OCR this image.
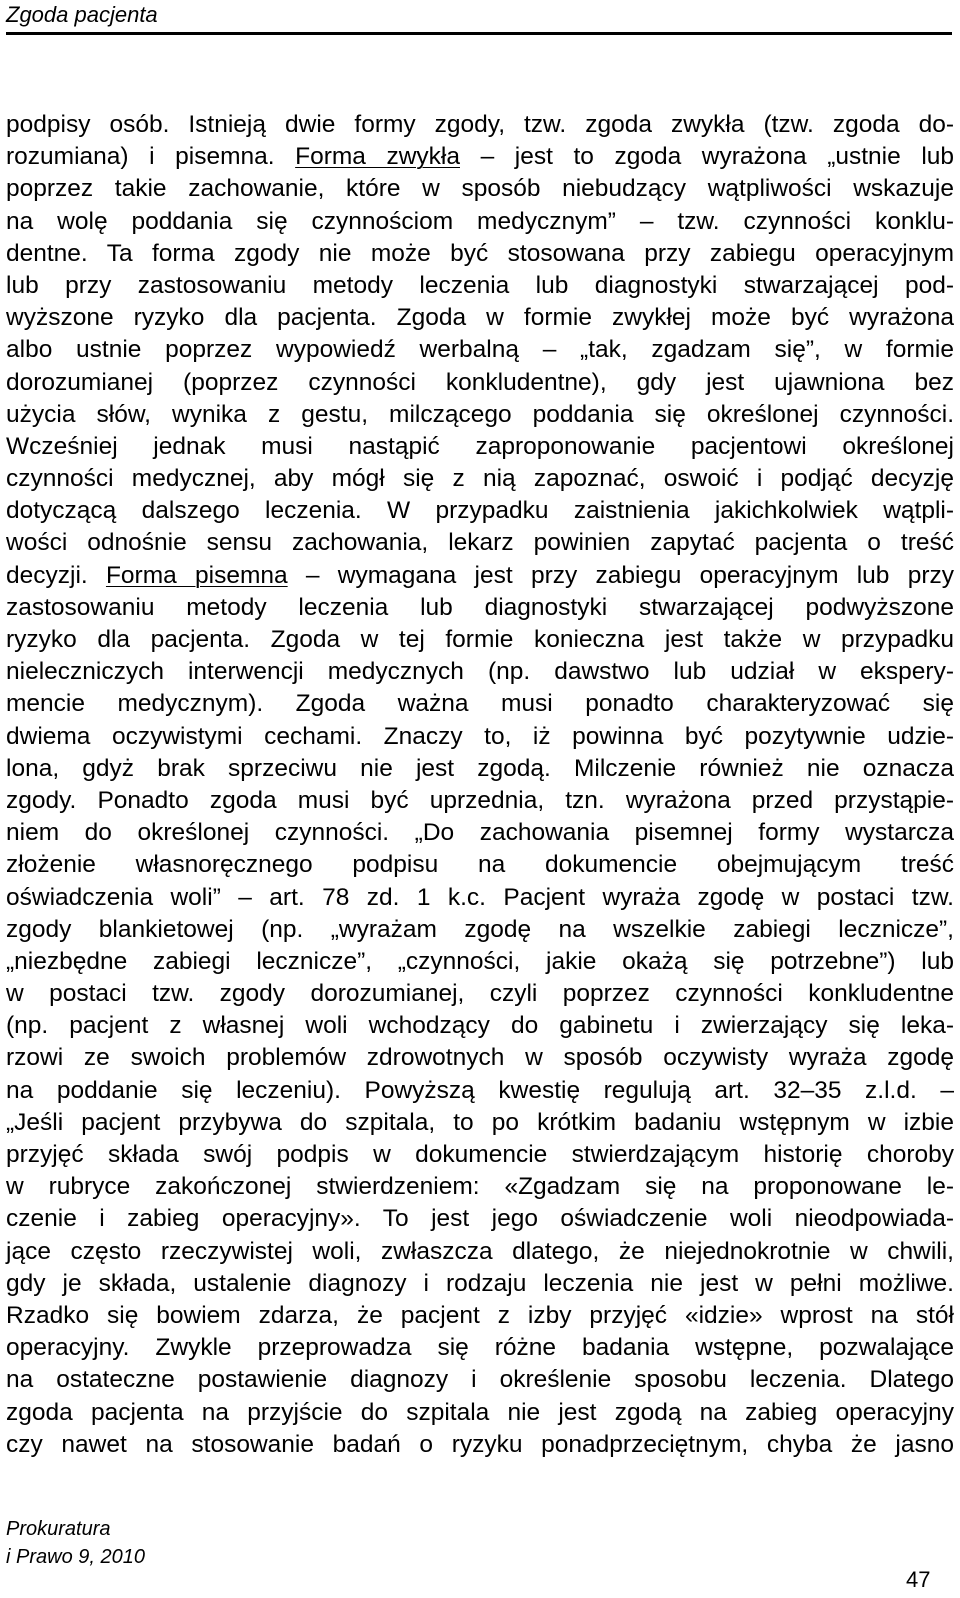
Zgoda pacjenta
podpisy osób. Istnieją dwie formy zgody, tzw. zgoda zwykła (tzw. zgoda do-
rozumiana) i pisemna. Forma zwykła – jest to zgoda wyrażona „ustnie lub
poprzez takie zachowanie, które w sposób niebudzący wątpliwości wskazuje
na wolę poddania się czynnościom medycznym” – tzw. czynności konklu-
dentne. Ta forma zgody nie może być stosowana przy zabiegu operacyjnym
lub przy zastosowaniu metody leczenia lub diagnostyki stwarzającej pod-
wyższone ryzyko dla pacjenta. Zgoda w formie zwykłej może być wyrażona
albo ustnie poprzez wypowiedź werbalną – „tak, zgadzam się”, w formie
dorozumianej (poprzez czynności konkludentne), gdy jest ujawniona bez
użycia słów, wynika z gestu, milczącego poddania się określonej czynności.
Wcześniej jednak musi nastąpić zaproponowanie pacjentowi określonej
czynności medycznej, aby mógł się z nią zapoznać, oswoić i podjąć decyzję
dotyczącą dalszego leczenia. W przypadku zaistnienia jakichkolwiek wątpli-
wości odnośnie sensu zachowania, lekarz powinien zapytać pacjenta o treść
decyzji. Forma pisemna – wymagana jest przy zabiegu operacyjnym lub przy
zastosowaniu metody leczenia lub diagnostyki stwarzającej podwyższone
ryzyko dla pacjenta. Zgoda w tej formie konieczna jest także w przypadku
nieleczniczych interwencji medycznych (np. dawstwo lub udział w ekspery-
mencie medycznym). Zgoda ważna musi ponadto charakteryzować się
dwiema oczywistymi cechami. Znaczy to, iż powinna być pozytywnie udzie-
lona, gdyż brak sprzeciwu nie jest zgodą. Milczenie również nie oznacza
zgody. Ponadto zgoda musi być uprzednia, tzn. wyrażona przed przystąpie-
niem do określonej czynności. „Do zachowania pisemnej formy wystarcza
złożenie własnoręcznego podpisu na dokumencie obejmującym treść
oświadczenia woli” – art. 78 zd. 1 k.c. Pacjent wyraża zgodę w postaci tzw.
zgody blankietowej (np. „wyrażam zgodę na wszelkie zabiegi lecznicze”,
„niezbędne zabiegi lecznicze”, „czynności, jakie okażą się potrzebne”) lub
w postaci tzw. zgody dorozumianej, czyli poprzez czynności konkludentne
(np. pacjent z własnej woli wchodzący do gabinetu i zwierzający się leka-
rzowi ze swoich problemów zdrowotnych w sposób oczywisty wyraża zgodę
na poddanie się leczeniu). Powyższą kwestię regulują art. 32–35 z.l.d. –
„Jeśli pacjent przybywa do szpitala, to po krótkim badaniu wstępnym w izbie
przyjęć składa swój podpis w dokumencie stwierdzającym historię choroby
w rubryce zakończonej stwierdzeniem: «Zgadzam się na proponowane le-
czenie i zabieg operacyjny». To jest jego oświadczenie woli nieodpowiada-
jące często rzeczywistej woli, zwłaszcza dlatego, że niejednokrotnie w chwili,
gdy je składa, ustalenie diagnozy i rodzaju leczenia nie jest w pełni możliwe.
Rzadko się bowiem zdarza, że pacjent z izby przyjęć «idzie» wprost na stół
operacyjny. Zwykle przeprowadza się różne badania wstępne, pozwalające
na ostateczne postawienie diagnozy i określenie sposobu leczenia. Dlatego
zgoda pacjenta na przyjście do szpitala nie jest zgodą na zabieg operacyjny
czy nawet na stosowanie badań o ryzyku ponadprzeciętnym, chyba że jasno
Prokuratura
i Prawo 9, 2010
47
